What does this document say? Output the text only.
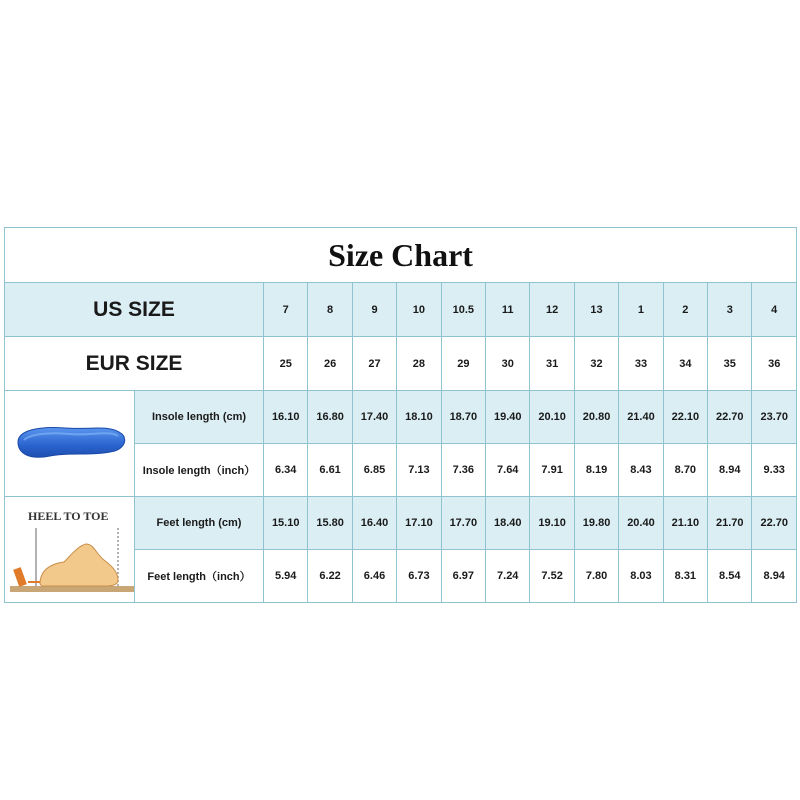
Size Chart													
US SIZE		7	8	9	10	10.5	11	12	13	1	2	3	4
EUR SIZE		25	26	27	28	29	30	31	32	33	34	35	36
	Insole length (cm)	16.10	16.80	17.40	18.10	18.70	19.40	20.10	20.80	21.40	22.10	22.70	23.70
	Insole length（inch）	6.34	6.61	6.85	7.13	7.36	7.64	7.91	8.19	8.43	8.70	8.94	9.33

HEEL TO TOE	Feet length (cm)	15.10	15.80	16.40	17.10	17.70	18.40	19.10	19.80	20.40	21.10	21.70	22.70
	Feet length（inch）	5.94	6.22	6.46	6.73	6.97	7.24	7.52	7.80	8.03	8.31	8.54	8.94
